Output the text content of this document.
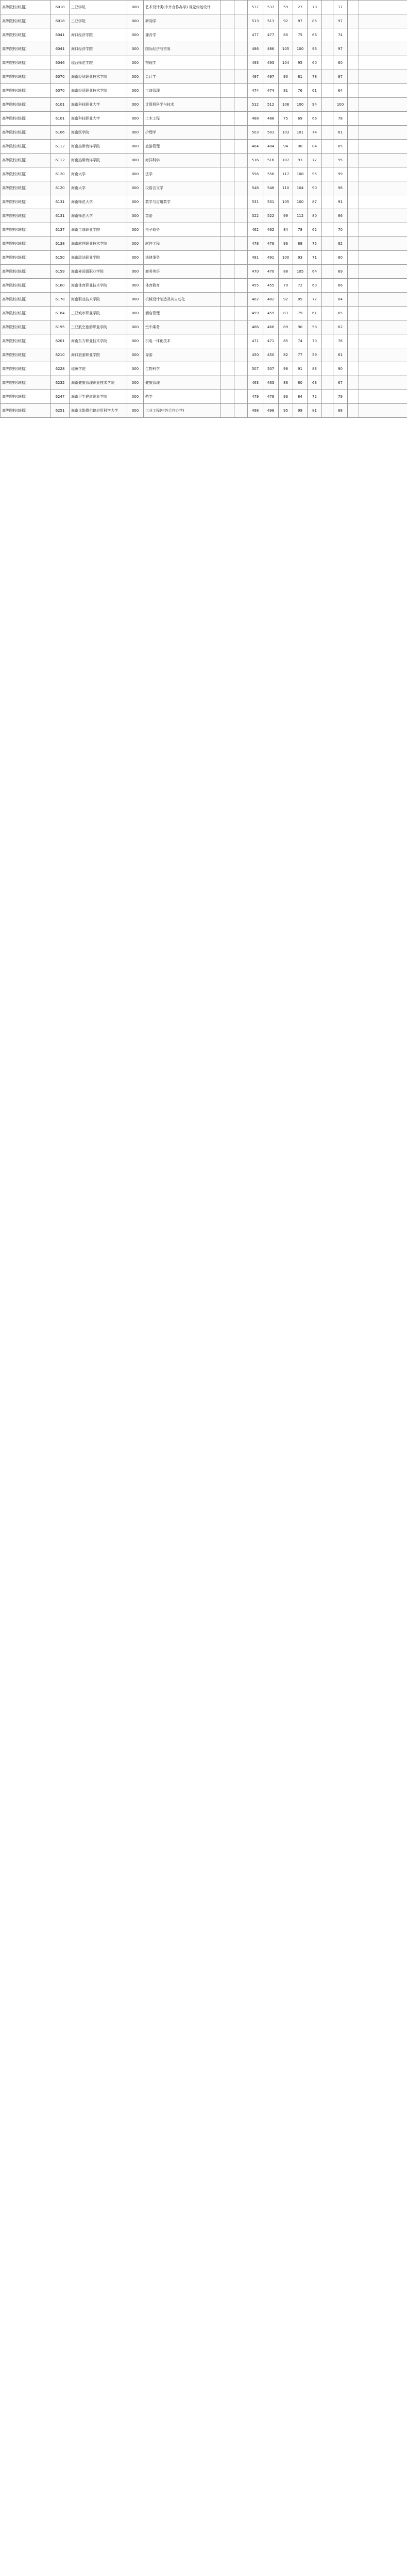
高等院校(统招)	6018	三亚学院	000	艺术设计类(中外合作办学) 视觉传达设计			537	537	59	27	70		77		
高等院校(统招)	6018	三亚学院	000	新闻学			513	513	92	87	85		97		
高等院校(统招)	6041	海口经济学院	000	播音学			477	477	80	75	66		74		
高等院校(统招)	6041	海口经济学院	000	国际经济与贸易			486	486	105	100	93		97		
高等院校(统招)	6046	琼台师范学院	000	物理学			493	493	104	95	60		60		
高等院校(统招)	6070	海南经贸职业技术学院	000	会计学			497	497	90	81	78		87		
高等院校(统招)	6070	海南经贸职业技术学院	000	工商管理			474	474	81	76	61		64		
高等院校(统招)	6101	海南科技职业大学	000	计算机科学与技术			512	512	106	100	94		100		
高等院校(统招)	6101	海南科技职业大学	000	土木工程			488	488	75	69	66		78		
高等院校(统招)	6106	海南医学院	000	护理学			503	503	103	101	74		81		
高等院校(统招)	6112	海南热带海洋学院	000	旅游管理			484	484	94	90	84		85		
高等院校(统招)	6112	海南热带海洋学院	000	海洋科学			516	516	107	93	77		95		
高等院校(统招)	6120	海南大学	000	法学			556	556	117	108	95		99		
高等院校(统招)	6120	海南大学	000	汉语言文学			548	548	110	104	90		96		
高等院校(统招)	6131	海南师范大学	000	数学与应用数学			531	531	105	100	87		91		
高等院校(统招)	6131	海南师范大学	000	英语			522	522	99	112	80		86		
高等院校(统招)	6137	海南工商职业学院	000	电子商务			462	462	84	78	62		70		
高等院校(统招)	6138	海南软件职业技术学院	000	软件工程			478	478	96	88	75		82		
高等院校(统招)	6150	海南政法职业学院	000	法律事务			491	491	100	93	71		80		
高等院校(统招)	6159	海南外国语职业学院	000	商务英语			470	470	88	105	64		69		
高等院校(统招)	6160	海南体育职业技术学院	000	体育教育			455	455	79	72	60		66		
高等院校(统招)	6178	海南职业技术学院	000	机械设计制造及其自动化			482	482	92	85	77		84		
高等院校(统招)	6184	三亚城市职业学院	000	酒店管理			459	459	83	79	61		65		
高等院校(统招)	6195	三亚航空旅游职业学院	000	空中乘务			466	466	89	90	58		62		
高等院校(统招)	6201	海南东方职业技术学院	000	机电一体化技术			471	471	85	74	70		76		
高等院校(统招)	6210	海口旅游职业学院	000	导游			450	450	82	77	59		61		
高等院校(统招)	6228	琼州学院	000	生物科学			507	507	98	91	83		90		
高等院校(统招)	6232	海南健康管理职业技术学院	000	健康管理			463	463	86	80	63		67		
高等院校(统招)	6247	海南卫生健康职业学院	000	药学			479	479	93	84	72		79		
高等院校(统招)	6251	海南比勒费尔德应用科学大学	000	工业工程(中外合作办学)			498	498	95	99	81		88		
